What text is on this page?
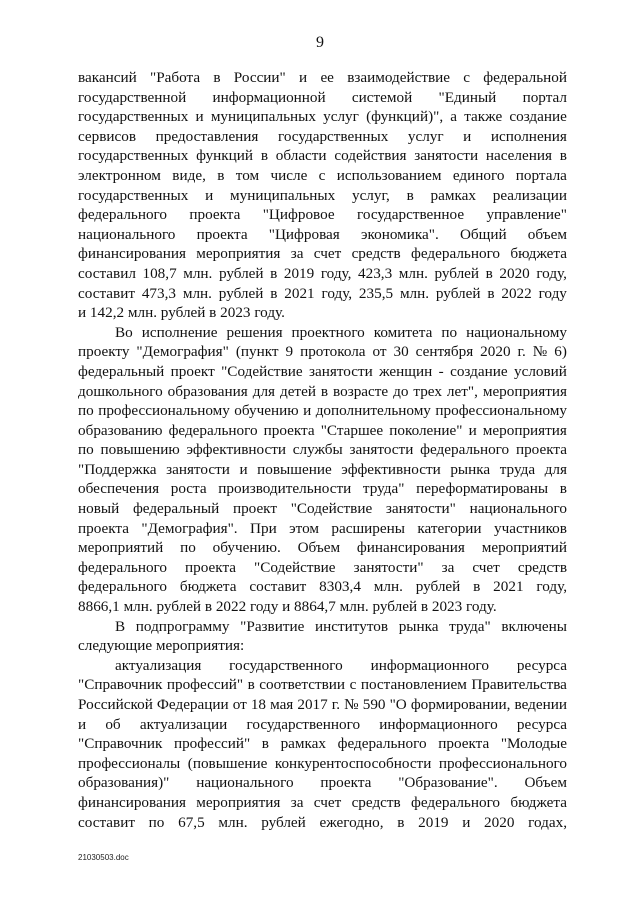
9
вакансий "Работа в России" и ее взаимодействие с федеральной
государственной информационной системой "Единый портал
государственных и муниципальных услуг (функций)", а также создание
сервисов предоставления государственных услуг и исполнения
государственных функций в области содействия занятости населения в
электронном виде, в том числе с использованием единого портала
государственных и муниципальных услуг, в рамках реализации
федерального проекта "Цифровое государственное управление"
национального проекта "Цифровая экономика". Общий объем
финансирования мероприятия за счет средств федерального бюджета
составил 108,7 млн. рублей в 2019 году, 423,3 млн. рублей в 2020 году,
составит 473,3 млн. рублей в 2021 году, 235,5 млн. рублей в 2022 году
и 142,2 млн. рублей в 2023 году.
Во исполнение решения проектного комитета по национальному
проекту "Демография" (пункт 9 протокола от 30 сентября 2020 г. № 6)
федеральный проект "Содействие занятости женщин - создание условий
дошкольного образования для детей в возрасте до трех лет", мероприятия
по профессиональному обучению и дополнительному профессиональному
образованию федерального проекта "Старшее поколение" и мероприятия
по повышению эффективности службы занятости федерального проекта
"Поддержка занятости и повышение эффективности рынка труда для
обеспечения роста производительности труда" переформатированы в
новый федеральный проект "Содействие занятости" национального
проекта "Демография". При этом расширены категории участников
мероприятий по обучению. Объем финансирования мероприятий
федерального проекта "Содействие занятости" за счет средств
федерального бюджета составит 8303,4 млн. рублей в 2021 году,
8866,1 млн. рублей в 2022 году и 8864,7 млн. рублей в 2023 году.
В подпрограмму "Развитие институтов рынка труда" включены
следующие мероприятия:
актуализация государственного информационного ресурса
"Справочник профессий" в соответствии с постановлением Правительства
Российской Федерации от 18 мая 2017 г. № 590 "О формировании, ведении
и об актуализации государственного информационного ресурса
"Справочник профессий" в рамках федерального проекта "Молодые
профессионалы (повышение конкурентоспособности профессионального
образования)" национального проекта "Образование". Объем
финансирования мероприятия за счет средств федерального бюджета
составит по 67,5 млн. рублей ежегодно, в 2019 и 2020 годах,
21030503.doc
